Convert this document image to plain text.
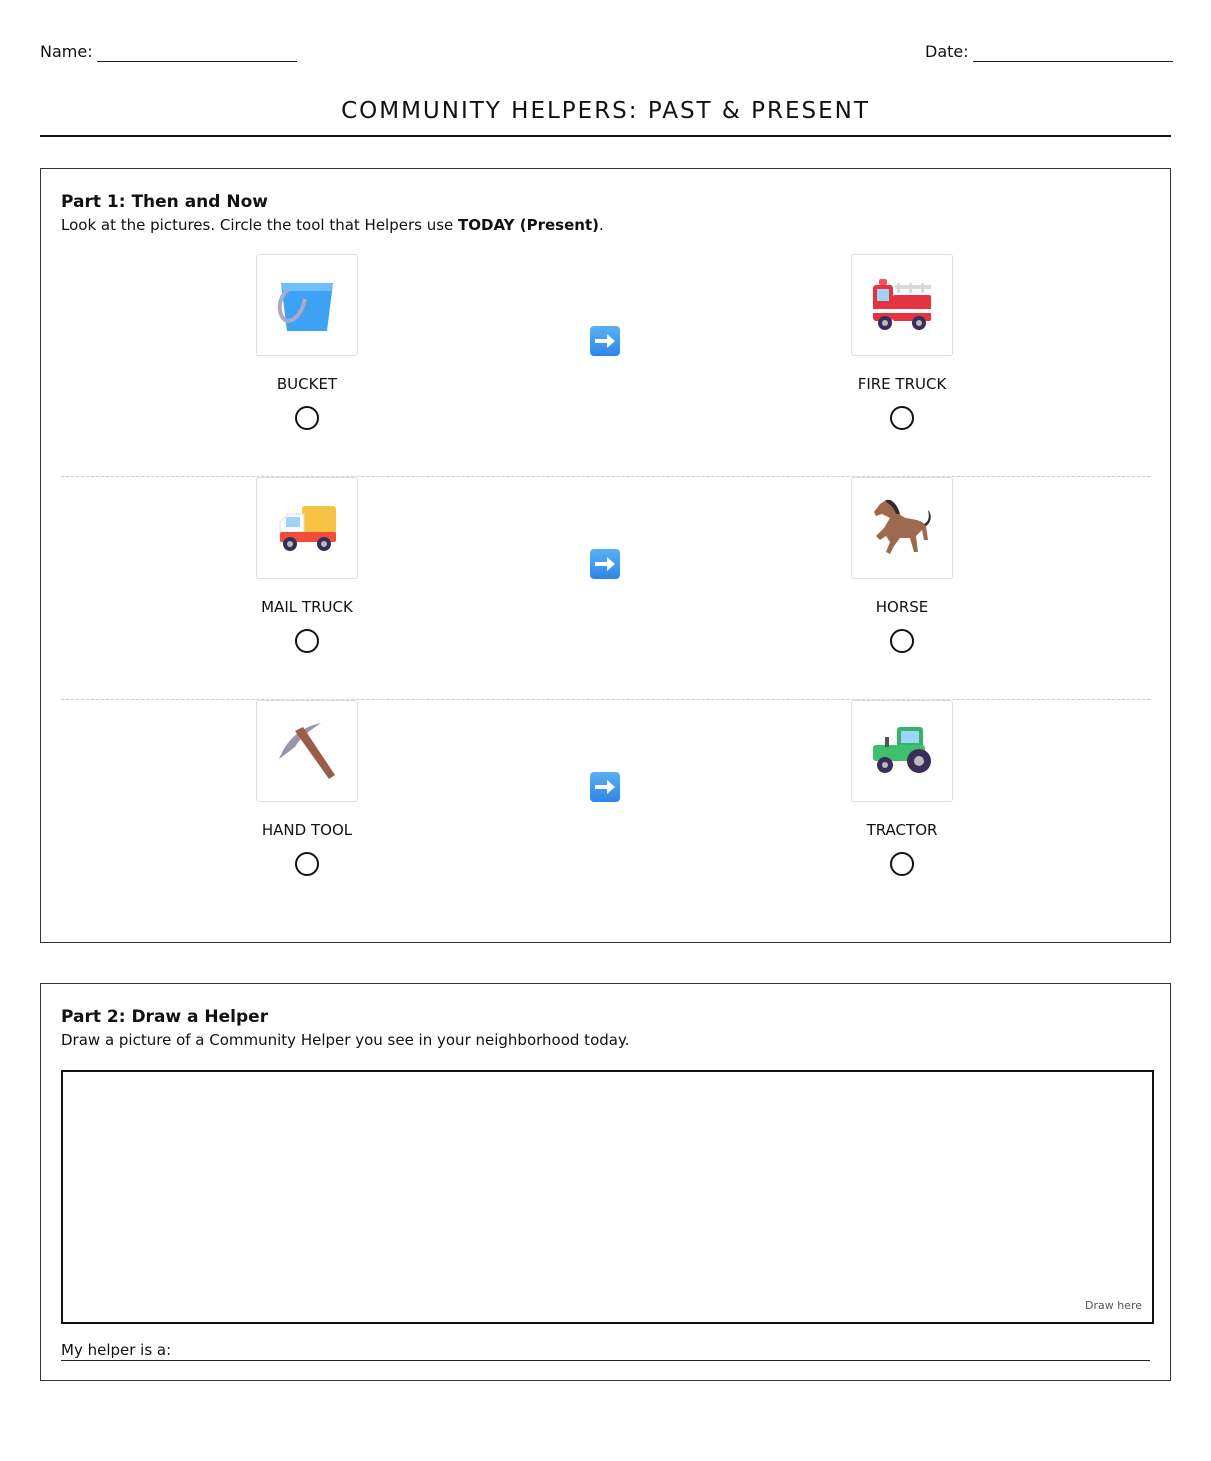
Name:	Date:
COMMUNITY HELPERS: PAST & PRESENT
Part 1: Then and Now
Look at the pictures. Circle the tool that Helpers use TODAY (Present).
BUCKET	FIRE TRUCK
MAIL TRUCK	HORSE
HAND TOOL	TRACTOR
Part 2: Draw a Helper
Draw a picture of a Community Helper you see in your neighborhood today.
Draw here
My helper is a:
